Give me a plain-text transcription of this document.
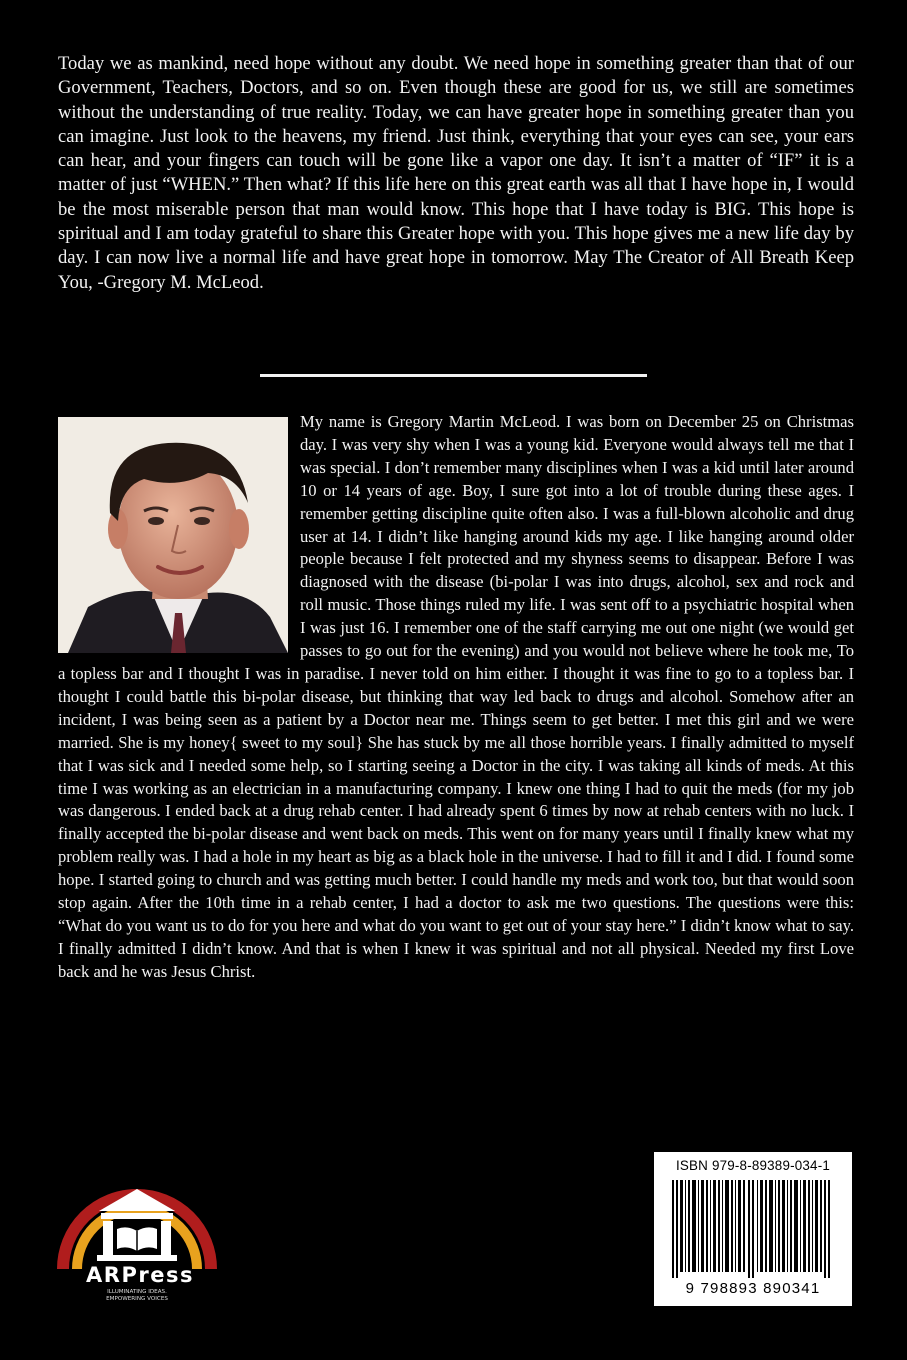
Today we as mankind, need hope without any doubt. We need hope in something greater than that of our Government, Teachers, Doctors, and so on. Even though these are good for us, we still are sometimes without the understanding of true reality. Today, we can have greater hope in something greater than you can imagine. Just look to the heavens, my friend. Just think, everything that your eyes can see, your ears can hear, and your fingers can touch will be gone like a vapor one day. It isn’t a matter of “IF” it is a matter of just “WHEN.” Then what? If this life here on this great earth was all that I have hope in, I would be the most miserable person that man would know. This hope that I have today is BIG. This hope is spiritual and I am today grateful to share this Greater hope with you. This hope gives me a new life day by day. I can now live a normal life and have great hope in tomorrow. May The Creator of All Breath Keep You, -Gregory M. McLeod.

My name is Gregory Martin McLeod. I was born on December 25 on Christmas day. I was very shy when I was a young kid. Everyone would always tell me that I was special. I don’t remember many disciplines when I was a kid until later around 10 or 14 years of age. Boy, I sure got into a lot of trouble during these ages. I remember getting discipline quite often also. I was a full-blown alcoholic and drug user at 14. I didn’t like hanging around kids my age. I like hanging around older people because I felt protected and my shyness seems to disappear. Before I was diagnosed with the disease (bi-polar I was into drugs, alcohol, sex and rock and roll music. Those things ruled my life. I was sent off to a psychiatric hospital when I was just 16. I remember one of the staff carrying me out one night (we would get passes to go out for the evening) and you would not believe where he took me, To a topless bar and I thought I was in paradise. I never told on him either. I thought it was fine to go to a topless bar. I thought I could battle this bi-polar disease, but thinking that way led back to drugs and alcohol. Somehow after an incident, I was being seen as a patient by a Doctor near me. Things seem to get better. I met this girl and we were married. She is my honey{ sweet to my soul} She has stuck by me all those horrible years. I finally admitted to myself that I was sick and I needed some help, so I starting seeing a Doctor in the city. I was taking all kinds of meds. At this time I was working as an electrician in a manufacturing company. I knew one thing I had to quit the meds (for my job was dangerous. I ended back at a drug rehab center. I had already spent 6 times by now at rehab centers with no luck. I finally accepted the bi-polar disease and went back on meds. This went on for many years until I finally knew what my problem really was. I had a hole in my heart as big as a black hole in the universe. I had to fill it and I did. I found some hope. I started going to church and was getting much better. I could handle my meds and work too, but that would soon stop again. After the 10th time in a rehab center, I had a doctor to ask me two questions. The questions were this: “What do you want us to do for you here and what do you want to get out of your stay here.” I didn’t know what to say. I finally admitted I didn’t know. And that is when I knew it was spiritual and not all physical. Needed my first Love back and he was Jesus Christ.
ARPress
ILLUMINATING IDEAS.
EMPOWERING VOICES
ISBN 979-8-89389-034-1
9 798893 890341
